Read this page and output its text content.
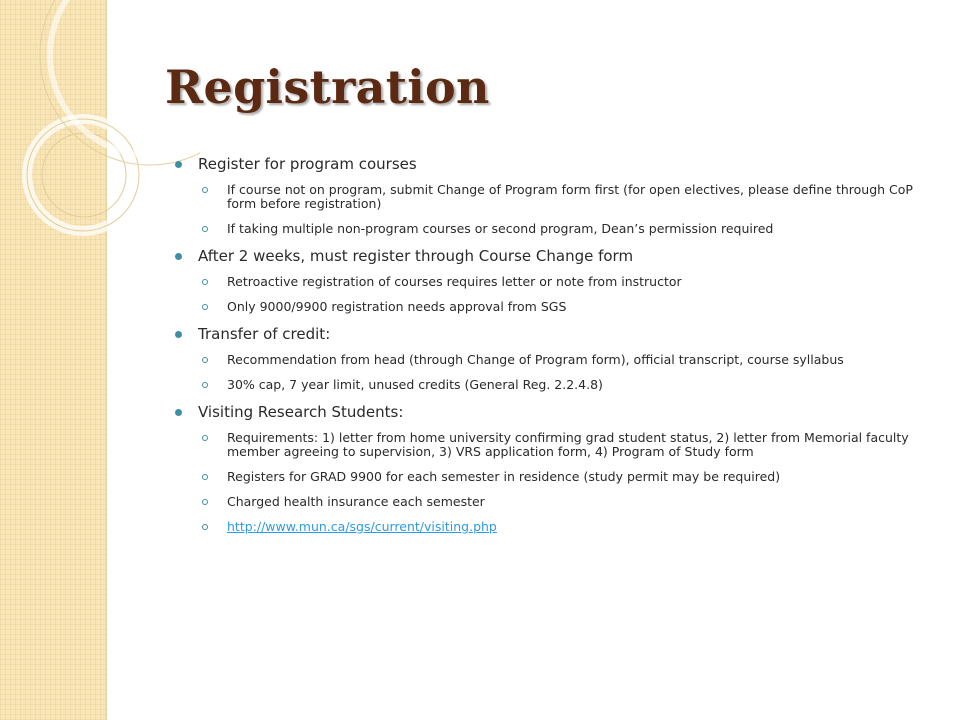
Registration
Register for program courses
If course not on program, submit Change of Program form first (for open electives, please define through CoP form before registration)
If taking multiple non-program courses or second program, Dean’s permission required
After 2 weeks, must register through Course Change form
Retroactive registration of courses requires letter or note from instructor
Only 9000/9900 registration needs approval from SGS
Transfer of credit:
Recommendation from head (through Change of Program form), official transcript, course syllabus
30% cap, 7 year limit, unused credits (General Reg. 2.2.4.8)
Visiting Research Students:
Requirements: 1) letter from home university confirming grad student status, 2) letter from Memorial faculty member agreeing to supervision, 3) VRS application form, 4) Program of Study form
Registers for GRAD 9900 for each semester in residence (study permit may be required)
Charged health insurance each semester
http://www.mun.ca/sgs/current/visiting.php
